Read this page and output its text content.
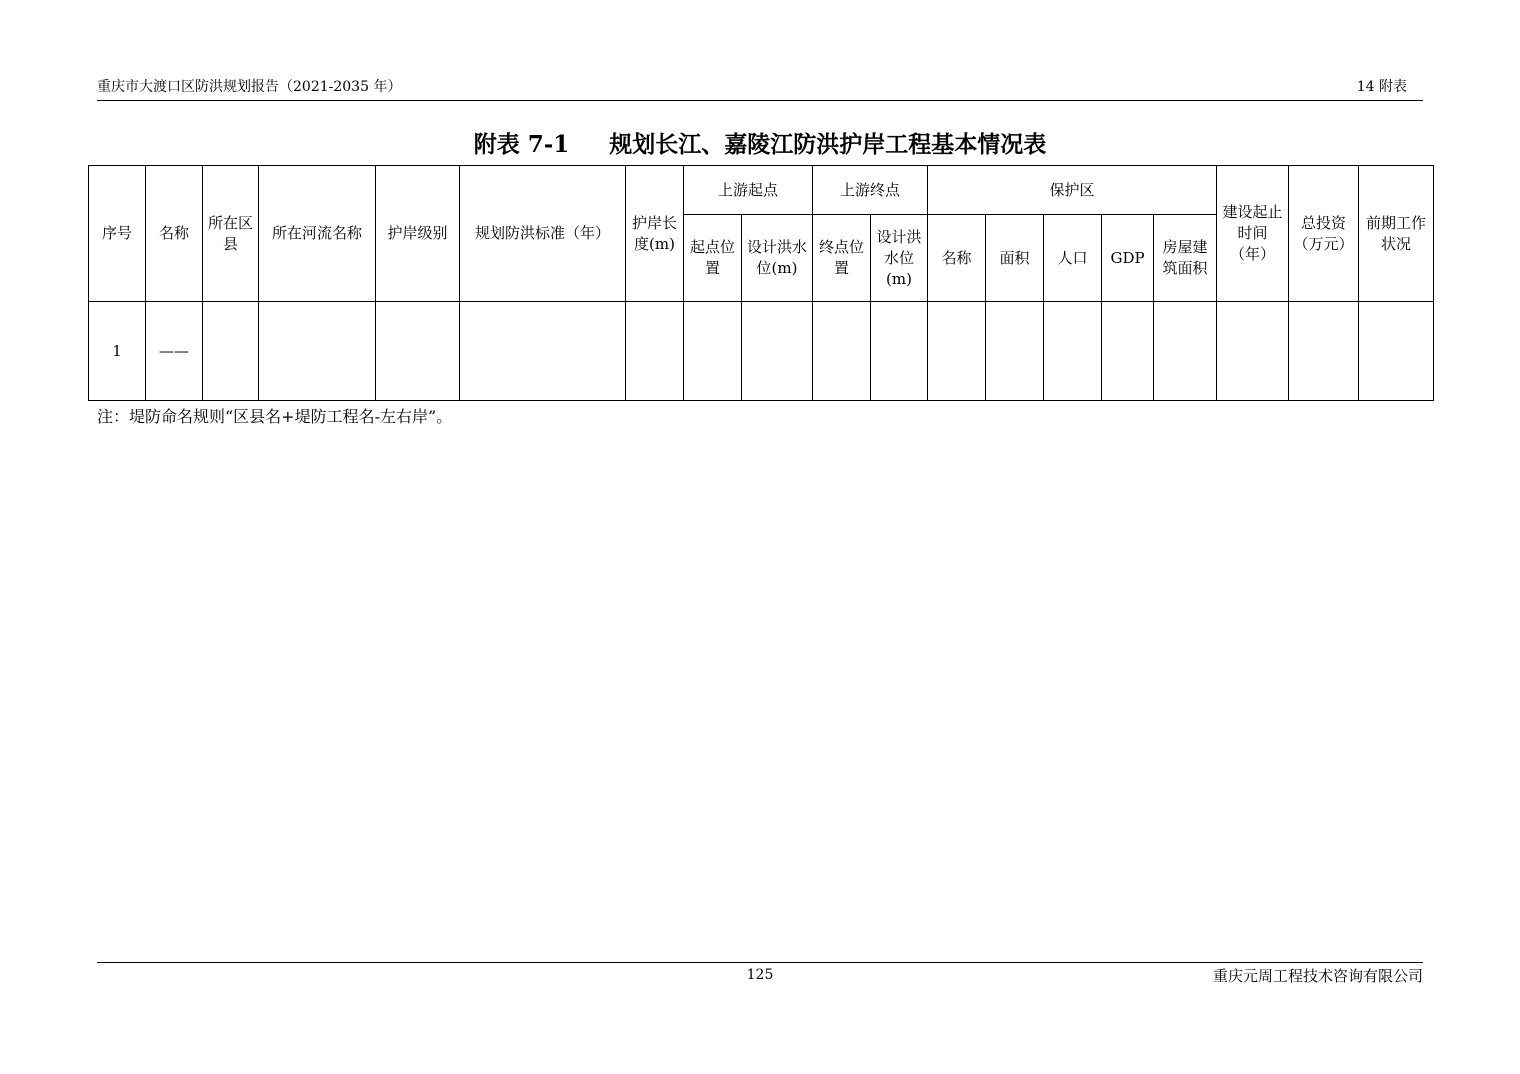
重庆市大渡口区防洪规划报告（2021-2035 年）	14 附表
附表 7-1 规划长江、嘉陵江防洪护岸工程基本情况表
序号	名称	所在区县	所在河流名称	护岸级别	规划防洪标准（年）	护岸长度(m)	上游起点		上游终点		保护区					建设起止时间（年）	总投资（万元）	前期工作状况
							起点位置	设计洪水位(m)	终点位置	设计洪水位(m)	名称	面积	人口	GDP	房屋建筑面积			
1	——																	
注：堤防命名规则“区县名+堤防工程名-左右岸”。
125	重庆元周工程技术咨询有限公司
